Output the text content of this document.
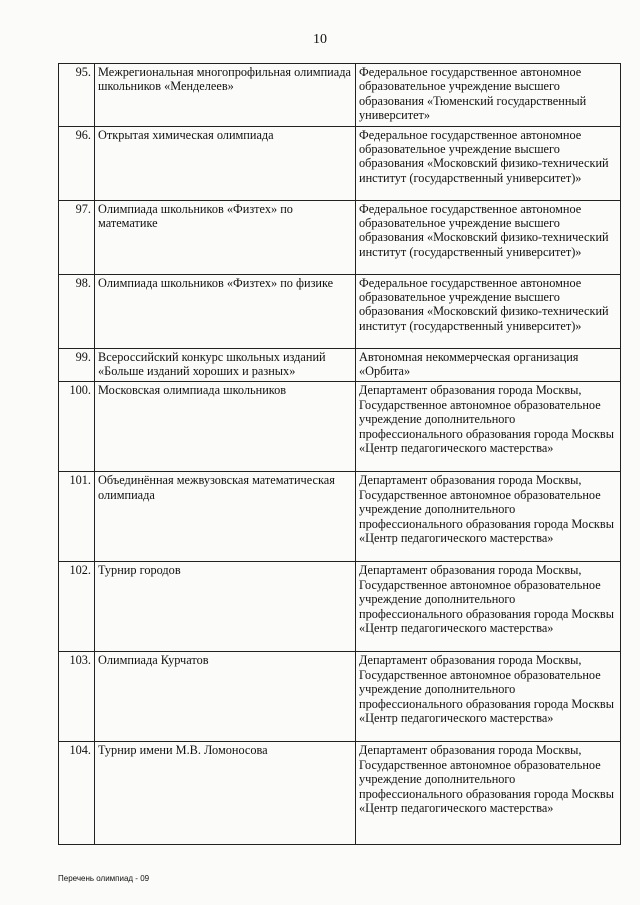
10
95.	Межрегиональная многопрофильная олимпиада школьников «Менделеев»	Федеральное государственное автономное образовательное учреждение высшего образования «Тюменский государственный университет»
96.	Открытая химическая олимпиада	Федеральное государственное автономное образовательное учреждение высшего образования «Московский физико-технический институт (государственный университет)»
97.	Олимпиада школьников «Физтех» по математике	Федеральное государственное автономное образовательное учреждение высшего образования «Московский физико-технический институт (государственный университет)»
98.	Олимпиада школьников «Физтех» по физике	Федеральное государственное автономное образовательное учреждение высшего образования «Московский физико-технический институт (государственный университет)»
99.	Всероссийский конкурс школьных изданий «Больше изданий хороших и разных»	Автономная некоммерческая организация «Орбита»
100.	Московская олимпиада школьников	Департамент образования города Москвы, Государственное автономное образовательное учреждение дополнительного профессионального образования города Москвы «Центр педагогического мастерства»
101.	Объединённая межвузовская математическая олимпиада	Департамент образования города Москвы, Государственное автономное образовательное учреждение дополнительного профессионального образования города Москвы «Центр педагогического мастерства»
102.	Турнир городов	Департамент образования города Москвы, Государственное автономное образовательное учреждение дополнительного профессионального образования города Москвы «Центр педагогического мастерства»
103.	Олимпиада Курчатов	Департамент образования города Москвы, Государственное автономное образовательное учреждение дополнительного профессионального образования города Москвы «Центр педагогического мастерства»
104.	Турнир имени М.В. Ломоносова	Департамент образования города Москвы, Государственное автономное образовательное учреждение дополнительного профессионального образования города Москвы «Центр педагогического мастерства»
Перечень олимпиад - 09
